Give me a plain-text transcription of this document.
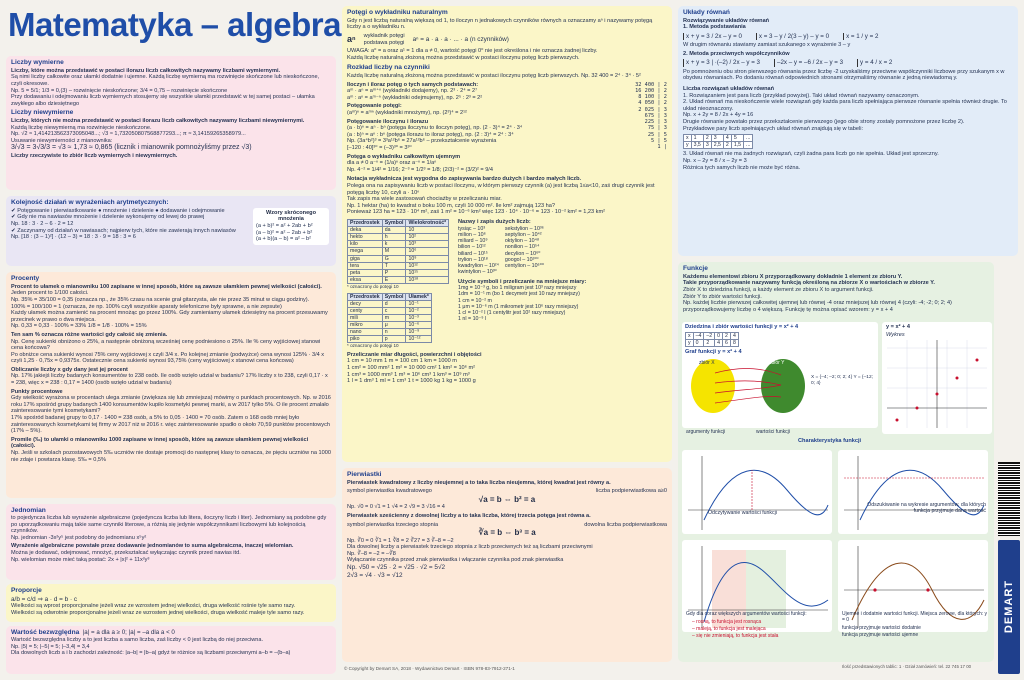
Matematyka – algebra
Liczby wymierne
Liczby, które można przedstawić w postaci ilorazu liczb całkowitych nazywamy liczbami wymiernymi.
Są nimi liczby całkowite oraz ułamki dodatnie i ujemne. Każdą liczbę wymierną ma rozwinięcie skończone lub nieskończone, czyli okresowe.
Np. 5 = 5/1; 1/3 = 0,(3) – rozwinięcie nieskończone; 3/4 = 0,75 – rozwinięcie skończone
Przy dodawaniu i odejmowaniu liczb wymiernych stosujemy się wszystkie ułamki przedstawić w tej samej postaci – ułamka zwykłego albo dziesiętnego
Liczby niewymierne
Liczby, których nie można przedstawić w postaci ilorazu liczb całkowitych nazywamy liczbami niewymiernymi.
Każdą liczbę niewymierną ma rozwinięcie nieskończone.
Np. √2 ≈ 1,414213562373095048...; √3 ≈ 1,732050807568877293...; π ≈ 3,14159265358979...
Usuwanie niewymierności z mianownika:
3/√3 = 3√3/3 = √3 ≈ 1,73 ≈ 0,865 (licznik i mianownik pomnożyliśmy przez √3)
Liczby rzeczywiste to zbiór liczb wymiernych i niewymiernych.
Kolejność działań w wyrażeniach arytmetycznych:
✔ Potęgowanie i pierwiastkowanie ● mnożenie i dzielenie ● dodawanie i odejmowanie
✔ Gdy nie ma nawiasów mnożenie i dzielenie wykonujemy od lewej do prawej
Np. 18 : 3 · 2 – 6 · 2 = 12
✔ Zaczynamy od działań w nawiasach; najpierw tych, które nie zawierają innych nawiasów
Np. [18 : (3 – 1)²] · (12 – 3) = 18 : 3 · 9 = 18 : 3 = 6
Wzory skróconego mnożenia
(a + b)² = a² + 2ab + b²
(a – b)² = a² – 2ab + b²
(a + b)(a – b) = a² – b²
Procenty
Procent to ułamek o mianowniku 100 zapisane w innej sposób, które są zawsze ułamkiem pewnej wielkości (całości).
Jeden procent to 1/100 całości.
Np. 35% = 35/100 = 0,35 (oznacza np., że 35% czasu na scenie grał gitarzysta, ale nie przez 35 minut w ciągu godziny).
100% = 100/100 = 1 (oznacza, że np. 100% czyli wszystkie aparaty telefoniczne były sprawne, a nie zepsute)
Każdy ułamek można zamienić na procent mnożąc go przez 100%. Gdy zamieniamy ułamek dziesiętny na procent przesuwamy przecinek w prawo o dwa miejsca.
Np. 0,33 = 0,33 · 100% = 33% 1/8 = 1/8 · 100% = 15%
Ten sam % oznacza różne wartości gdy całość się zmienia.
Np. Cenę sukienki obniżono o 25%, a następnie obniżoną wcześniej cenę podniesiono o 25%. Ile % ceny wyjściowej stanowi cena końcowa?
Po obniżce cena sukienki wynosi 75% ceny wyjściowej x czyli 3/4 x. Po kolejnej zmianie (podwyżce) cena wynosi 125% · 3/4 x czyli 1,25 · 0,75x = 0,9375x. Ostatecznie cena sukienki wynosi 93,75% (ceny wyjściowej x stanowi cena końcowa)
Obliczanie liczby x gdy dany jest jej procent
Np. 17% jakiejś liczby badanych konsumentów to 238 osób. Ile osób wzięło udział w badaniu? 17% liczby x to 238, czyli 0,17 · x = 238, więc x = 238 : 0,17 = 1400 (osób wzięło udział w badaniu)
Punkty procentowe
Gdy wielkość wyrażona w procentach ulega zmianie (zwiększa się lub zmniejsza) mówimy o punktach procentowych. Np. w 2016 roku 17% spośród grupy badanych 1400 konsumentów kupiło kosmetyki pewnej marki, a w 2017 tylko 5%. O ile procent zmalało zainteresowanie tymi kosmetykami?
17% spośród badanej grupy to 0,17 · 1400 = 238 osób, a 5% to 0,05 · 1400 = 70 osób. Zatem o 168 osób mniej było zainteresowanych kosmetykami tej firmy w 2017 niż w 2016 r. więc zainteresowanie spadło o około 70,59 punktów procentowych (17% – 5%).
Promile (‰) to ułamki o mianowniku 1000 zapisane w innej sposób, które są zawsze ułamkiem pewnej wielkości (całości).
Np. Jeśli w szkolach pozostawowych 5‰ uczniów nie dostaje promocji do następnej klasy to oznacza, że pięciu uczniów na 1000 nie zdaje i powtarza klasę. 5‰ = 0,5%
Jednomian
to pojedyncza liczba lub wyrażenie algebraiczne (pojedyncza liczba lub litera, iloczyny liczb i liter). Jednomiany są podobne gdy po uporządkowaniu mają takie same czynniki literowe, a różnią się jedynie współczynnikami liczbowymi lub kolejnością czynników.
Np. jednomian -3x²y⁵ jest podobny do jednomianu x⁵y²
Wyrażenie algebraiczne powstałe przez dodawanie jednomianów to suma algebraiczna, inaczej wielomian.
Można je dodawać, odejmować, mnożyć, przekształcać wyłączając czynnik przed nawias itd.
Np. wielomian może mieć taką postać: 2x + |x|² + 11x²y³
Proporcje
a/b = c/d ⇒ a · d = b · c
Wielkości są wprost proporcjonalne jeżeli wraz ze wzrostem jednej wielkości, druga wielkość rośnie tyle samo razy.
Wielkości są odwrotnie proporcjonalne jeżeli wraz ze wzrostem jednej wielkości, druga wielkość maleje tyle samo razy.
Wartość bezwzględna |a| = a dla a ≥ 0; |a| = –a dla a < 0
Wartość bezwzględna liczby a to jest liczba a samo liczba, zaś liczby < 0 jest liczbą do niej przeciwna.
Np. |5| = 5; |–5| = 5; |–3,4| = 3,4
Dla dowolnych liczb a i b zachodzi zależność: |a–b| = |b–a| gdyż te różnice są liczbami przeciwnymi a–b = –(b–a)
Potęgi o wykładniku naturalnym
Gdy n jest liczbą naturalną większą od 1, to iloczyn n jednakowych czynników równych a oznaczamy aⁿ i nazywamy potęgą liczby a o wykładniku n.
aⁿ wykładnik potęgi
podstawa potęgi aⁿ = a · a · a · ... · a (n czynników)
UWAGA: a⁰ = a oraz a¹ = 1 dla a ≠ 0, wartość potęgi 0⁰ nie jest określona i nie oznacza żadnej liczby.
Każdą liczbę naturalną złożoną można przedstawić w postaci iloczynu potęg liczb pierwszych.
Rozkład liczby na czynniki
Każdą liczbę naturalną złożoną można przedstawić w postaci iloczynu potęg liczb pierwszych. Np. 32 400 = 2⁴ · 3⁴ · 5²
Iloczyn i iloraz potęg o tych samych podstawach:
aᵐ · aⁿ = aᵐ⁺ⁿ (wykładniki dodajemy), np. 2³ · 2⁴ = 2⁷
aᵐ : aⁿ = aᵐ⁻ⁿ (wykładniki odejmujemy), np. 2⁵ : 2³ = 2²
Potęgowanie potęgi:
(aᵐ)ⁿ = aᵐⁿ (wykładniki mnożymy), np. (2³)⁴ = 2¹²
Potęgowanie iloczynu i ilorazu
(a · b)ⁿ = aⁿ · bⁿ (potęga iloczynu to iloczyn potęg), np. (2 · 3)⁴ = 2⁴ · 3⁴
(a : b)ⁿ = aⁿ : bⁿ (potęga ilorazu to iloraz potęg), np. (2 : 3)⁴ = 2⁴ : 3⁴
Np. (3a⁴b²)³ = 3³a¹²b⁶ = 27a¹²b⁶ – przekształcenie wyrażenia
[–120 : 40]³⁰ = (–3)³⁰ = 3³⁰
Potęga o wykładniku całkowitym ujemnym
dla a ≠ 0 a⁻ⁿ = (1/a)ⁿ oraz a⁻ⁿ = 1/aⁿ
32 400 | 2
16 200 | 2
8 100 | 2
4 050 | 2
2 025 | 3
675 | 3
225 | 3
75 | 3
25 | 5
5 | 5
1 |
Np. 4⁻² = 1/4² = 1/16; 2⁻³ = 1/2³ = 1/8; (2/3)⁻² = (3/2)² = 9/4
Notacja wykładnicza jest wygodna do zapisywania bardzo dużych i bardzo małych liczb.
Polega ona na zapisywaniu liczb w postaci iloczynu, w którym pierwszy czynnik (a) jest liczbą 1≤a<10, zaś drugi czynnik jest potęgą liczby 10, czyli a · 10ⁿ
Tak zapis ma wiele zastosowań chociażby w przeliczaniu miar.
Np. 1 hektar (ha) to kwadrat o boku 100 m, czyli 10 000 m². Ile km² zajmują 123 ha?
Ponieważ 123 ha = 123 · 10⁴ m², zaś 1 m² = 10⁻⁶ km² więc 123 · 10⁴ · 10⁻⁶ = 123 · 10⁻² km² = 1,23 km²
Przedrostek	Symbol	Wielokrotność*
deka	da	10
hekto	h	10²
kilo	k	10³
mega	M	10⁶
giga	G	10⁹
tera	T	10¹²
peta	P	10¹⁵
eksa	E	10¹⁸
* oznaczony do potęgi 10
Przedrostek	Symbol	Ułamek*
decy	d	10⁻¹
centy	c	10⁻²
mili	m	10⁻³
mikro	μ	10⁻⁶
nano	n	10⁻⁹
piko	p	10⁻¹²
* oznaczony do potęgi 10
Nazwy i zapis dużych liczb:
tysiąc – 10³
milion – 10⁶
miliard – 10⁹
bilion – 10¹²
biliard – 10¹⁵
trylion – 10¹⁸
kwadrylion – 10²⁴
kwintylion – 10³⁰
sekstylion – 10³⁶
septylion – 10⁴²
oktylion – 10⁴⁸
nonilion – 10⁵⁴
decylion – 10⁶⁰
googol – 10¹⁰⁰
centylion – 10⁶⁰⁰
Użycie symboli i przeliczanie na mniejsze miary:
1mg = 10⁻³ g, bo 1 miligram jest 10³ razy mniejszy
1dm = 10⁻¹ m (bo 1 decymetr jest 10 razy mniejszy)
1 cm = 10⁻² m
1 μm = 10⁻⁶ m (1 mikrometr jest 10⁶ razy mniejszy)
1 cl = 10⁻² l (1 centylitr jest 10² razy mniejszy)
1 nl = 10⁻⁹ l
Przeliczanie miar długości, powierzchni i objętości
1 cm = 10 mm 1 m = 100 cm 1 km = 1000 m
1 cm² = 100 mm² 1 m² = 10 000 cm² 1 km² = 10⁶ m²
1 cm³ = 1000 mm³ 1 m³ = 10⁶ cm³ 1 km³ = 10⁹ m³
1 l = 1 dm³ 1 ml = 1 cm³ 1 t = 1000 kg 1 kg = 1000 g
Pierwiastki
Pierwiastek kwadratowy z liczby nieujemnej a to taka liczba nieujemna, której kwadrat jest równy a.
symbol pierwiastka kwadratowego	liczba podpierwiastkowa a≥0
√a = b ⇔ b² = a
Np. √0 = 0 √1 = 1 √4 = 2 √9 = 3 √16 = 4
Pierwiastek sześcienny z dowolnej liczby a to taka liczba, której trzecia potęga jest równa a.
symbol pierwiastka trzeciego stopnia	dowolna liczba podpierwiastkowa
∛a = b ⇔ b³ = a
Np. ∛0 = 0 ∛1 = 1 ∛8 = 2 ∛27 = 3 ∛–8 = –2
Dla dowolnej liczby a pierwiastek trzeciego stopnia z liczb przeciwnych też są liczbami przeciwnymi
Np. ∛–8 = –2 = –∛8
Wyłączanie czynnika przed znak pierwiastka i włączanie czynnika pod znak pierwiastka
Np. √50 = √25 · 2 = √25 · √2 = 5√2
2√3 = √4 · √3 = √12
© Copyright by Demart SA, 2018 · Wydawnictwo Demart · ISBN 978-83-7912-271-1
Układy równań
Rozwiązywanie układów równań
1. Metoda podstawiania
x + y = 3 / 2x – y = 0	x = 3 – y / 2(3 – y) – y = 0	x = 1 / y = 2
W drugim równaniu stawiamy zamiast szukanego x wyrażenie 3 – y
2. Metoda przeciwnych współczynników
x + y = 3 | ·(–2) / 2x – y = 3	–2x – y = –6 / 2x – y = 3	y = 4 / x = 2
Po pomnożeniu obu stron pierwszego równania przez liczbę -2 uzyskaliśmy przeciwne współczynniki liczbowe przy szukanym x w obydwu równaniach. Po dodaniu równań odpowiednich stronami otrzymaliśmy równanie z jedną niewiadomą y.
Liczba rozwiązań układów równań
1. Rozwiązaniem jest para liczb (przykład powyżej). Taki układ równań nazywamy oznaczonym.
2. Układ równań ma nieskończenie wiele rozwiązań gdy każda para liczb spełniająca pierwsze równanie spełnia również drugie. To układ nieoznaczony.
Np. x + 2y = 8 / 2x + 4y = 16
Drugie równanie powstało przez przekształcenie pierwszego (jego obie strony zostały pomnożone przez liczbę 2).
Przykładowe pary liczb spełniających układ równań znajdują się w tabeli:
x	1	2	3	4	5	...
y	3,5	3	2,5	2	1,5	...
3. Układ równań nie ma żadnych rozwiązań, czyli żadna para liczb go nie spełnia. Układ jest sprzeczny.
Np. x – 2y = 8 / x – 2y = 3
Różnica tych samych liczb nie może być różna.
Funkcje
Każdemu elementowi zbioru X przyporządkowany dokładnie 1 element ze zbioru Y.
Takie przyporządkowanie nazywamy funkcją określoną na zbiorze X o wartościach w zbiorze Y.
Zbiór X to dziedzina funkcji, a każdy element ze zbioru X to argument funkcji.
Zbiór Y to zbiór wartości funkcji.
Np. każdej liczbie pierwszej całkowitej ujemnej lub równej -4 oraz mniejszej lub równej 4 (czyli: -4; -2; 0; 2; 4) przyporządkowujemy liczbę o 4 większą. Funkcję tę można opisać wzorem: y = x + 4
Dziedzina i zbiór wartości funkcji y = x² + 4
x	–4	–2	0	2	4
y	0	2	4	6	8
Graf funkcji y = x² + 4
zbiór X	zbiór Y
X = {–4; –2; 0; 2; 4} Y = {–12; 0; 4}
argumenty funkcji	wartości funkcji
y = x² + 4
Wykres
Charakterystyka funkcji
Odczytywanie wartości funkcji
Odszukiwanie na wykresie argumentów, dla których funkcja przyjmuje daną wartość
Gdy dla coraz większych argumentów wartości funkcji:
– rosną, to funkcja jest rosnąca
– maleją, to funkcja jest malejąca
– się nie zmieniają, to funkcja jest stała
Ujemne i dodatnie wartości funkcji. Miejsca zerowe, dla których: y = 0
funkcja przyjmuje wartości dodatnie
funkcja przyjmuje wartości ujemne
Ilość przedstawionych tablic: 1 · Dział zamówień: tel. 22 745 17 00
DEMART
